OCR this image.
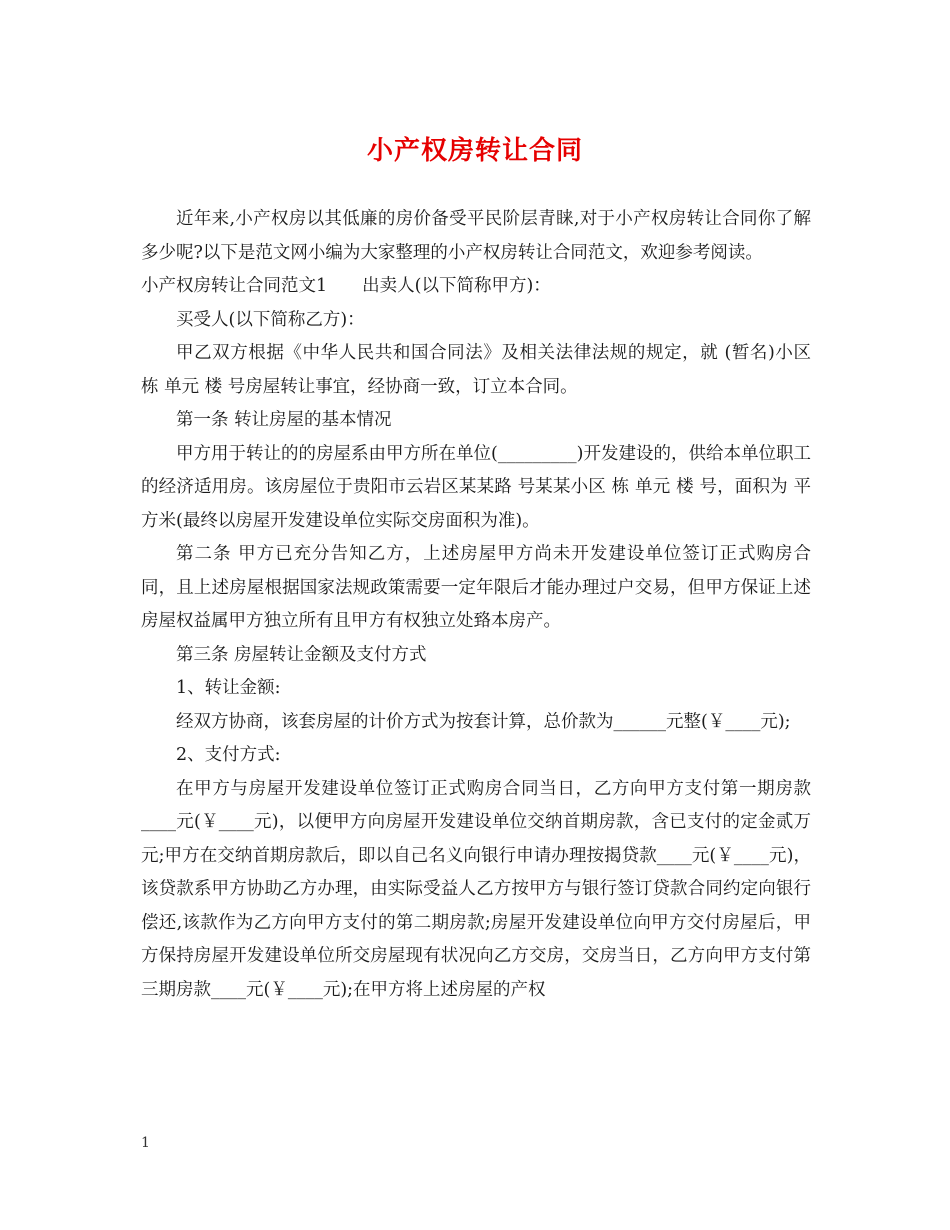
小产权房转让合同

近年来,小产权房以其低廉的房价备受平民阶层青睐,对于小产权房转让合同你了解多少呢?以下是范文网小编为大家整理的小产权房转让合同范文，欢迎参考阅读。

小产权房转让合同范文1　　出卖人(以下简称甲方)：

买受人(以下简称乙方)：

甲乙双方根据《中华人民共和国合同法》及相关法律法规的规定，就 (暂名)小区 栋 单元 楼 号房屋转让事宜，经协商一致，订立本合同。

第一条 转让房屋的基本情况

甲方用于转让的的房屋系由甲方所在单位(_________)开发建设的，供给本单位职工的经济适用房。该房屋位于贵阳市云岩区某某路 号某某小区 栋 单元 楼 号，面积为 平方米(最终以房屋开发建设单位实际交房面积为准)。

第二条 甲方已充分告知乙方，上述房屋甲方尚未开发建设单位签订正式购房合同，且上述房屋根据国家法规政策需要一定年限后才能办理过户交易，但甲方保证上述房屋权益属甲方独立所有且甲方有权独立处臵本房产。

第三条 房屋转让金额及支付方式

1、转让金额:

经双方协商，该套房屋的计价方式为按套计算，总价款为______元整(￥____元);

2、支付方式:

在甲方与房屋开发建设单位签订正式购房合同当日，乙方向甲方支付第一期房款____元(￥____元)，以便甲方向房屋开发建设单位交纳首期房款，含已支付的定金贰万元;甲方在交纳首期房款后，即以自己名义向银行申请办理按揭贷款____元(￥____元)，该贷款系甲方协助乙方办理，由实际受益人乙方按甲方与银行签订贷款合同约定向银行偿还,该款作为乙方向甲方支付的第二期房款;房屋开发建设单位向甲方交付房屋后，甲方保持房屋开发建设单位所交房屋现有状况向乙方交房，交房当日，乙方向甲方支付第三期房款____元(￥____元);在甲方将上述房屋的产权

1
